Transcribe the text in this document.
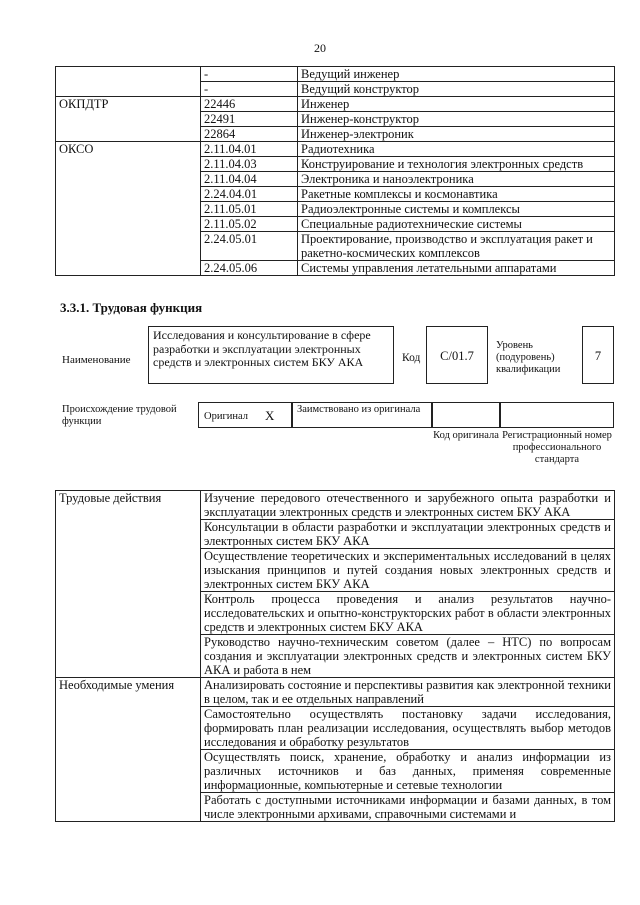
20
	-	Ведущий инженер
	-	Ведущий конструктор
ОКПДТР	22446	Инженер
	22491	Инженер-конструктор
	22864	Инженер-электроник
ОКСО	2.11.04.01	Радиотехника
	2.11.04.03	Конструирование и технология электронных средств
	2.11.04.04	Электроника и наноэлектроника
	2.24.04.01	Ракетные комплексы и космонавтика
	2.11.05.01	Радиоэлектронные системы и комплексы
	2.11.05.02	Специальные радиотехнические системы
	2.24.05.01	Проектирование, производство и эксплуатация ракет и ракетно-космических комплексов
	2.24.05.06	Системы управления летательными аппаратами
3.3.1. Трудовая функция
Наименование
Исследования и консультирование в сфере разработки и эксплуатации электронных средств и электронных систем БКУ АКА	Код	С/01.7
Уровень (подуровень) квалификации
7
Происхождение трудовой функции	Оригинал X	Заимствовано из оригинала
Код оригинала Регистрационный номер профессионального стандарта
Трудовые действия	Изучение передового отечественного и зарубежного опыта разработки и эксплуатации электронных средств и электронных систем БКУ АКА
	Консультации в области разработки и эксплуатации электронных средств и электронных систем БКУ АКА
	Осуществление теоретических и экспериментальных исследований в целях изыскания принципов и путей создания новых электронных средств и электронных систем БКУ АКА
	Контроль процесса проведения и анализ результатов научно-исследовательских и опытно-конструкторских работ в области электронных средств и электронных систем БКУ АКА
	Руководство научно-техническим советом (далее – НТС) по вопросам создания и эксплуатации электронных средств и электронных систем БКУ АКА и работа в нем
Необходимые умения	Анализировать состояние и перспективы развития как электронной техники в целом, так и ее отдельных направлений
	Самостоятельно осуществлять постановку задачи исследования, формировать план реализации исследования, осуществлять выбор методов исследования и обработку результатов
	Осуществлять поиск, хранение, обработку и анализ информации из различных источников и баз данных, применяя современные информационные, компьютерные и сетевые технологии
	Работать с доступными источниками информации и базами данных, в том числе электронными архивами, справочными системами и
